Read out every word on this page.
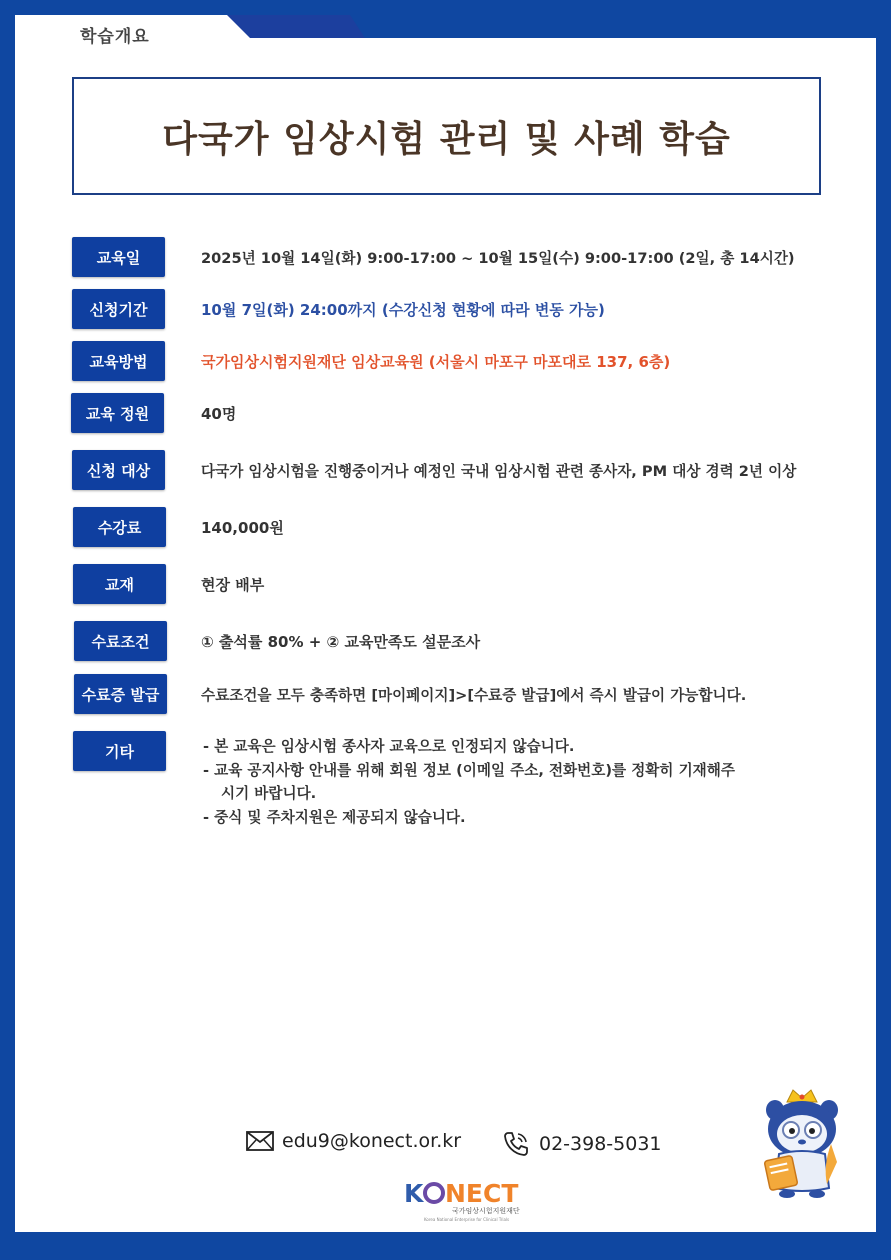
학습개요
다국가 임상시험 관리 및 사례 학습
교육일	2025년 10월 14일(화) 9:00-17:00 ~ 10월 15일(수) 9:00-17:00 (2일, 총 14시간)
신청기간	10월 7일(화) 24:00까지 (수강신청 현황에 따라 변동 가능)
교육방법	국가임상시험지원재단 임상교육원 (서울시 마포구 마포대로 137, 6층)
교육 정원	40명
신청 대상	다국가 임상시험을 진행중이거나 예정인 국내 임상시험 관련 종사자, PM 대상 경력 2년 이상
수강료	140,000원
교재	현장 배부
수료조건	① 출석률 80% + ② 교육만족도 설문조사
수료증 발급	수료조건을 모두 충족하면 [마이페이지]>[수료증 발급]에서 즉시 발급이 가능합니다.
기타	- 본 교육은 임상시험 종사자 교육으로 인정되지 않습니다.
- 교육 공지사항 안내를 위해 회원 정보 (이메일 주소, 전화번호)를 정확히 기재해주
시기 바랍니다.
- 중식 및 주차지원은 제공되지 않습니다.
edu9@konect.or.kr	02-398-5031
K NECT
국가임상시험지원재단
Korea National Enterprise for Clinical Trials
